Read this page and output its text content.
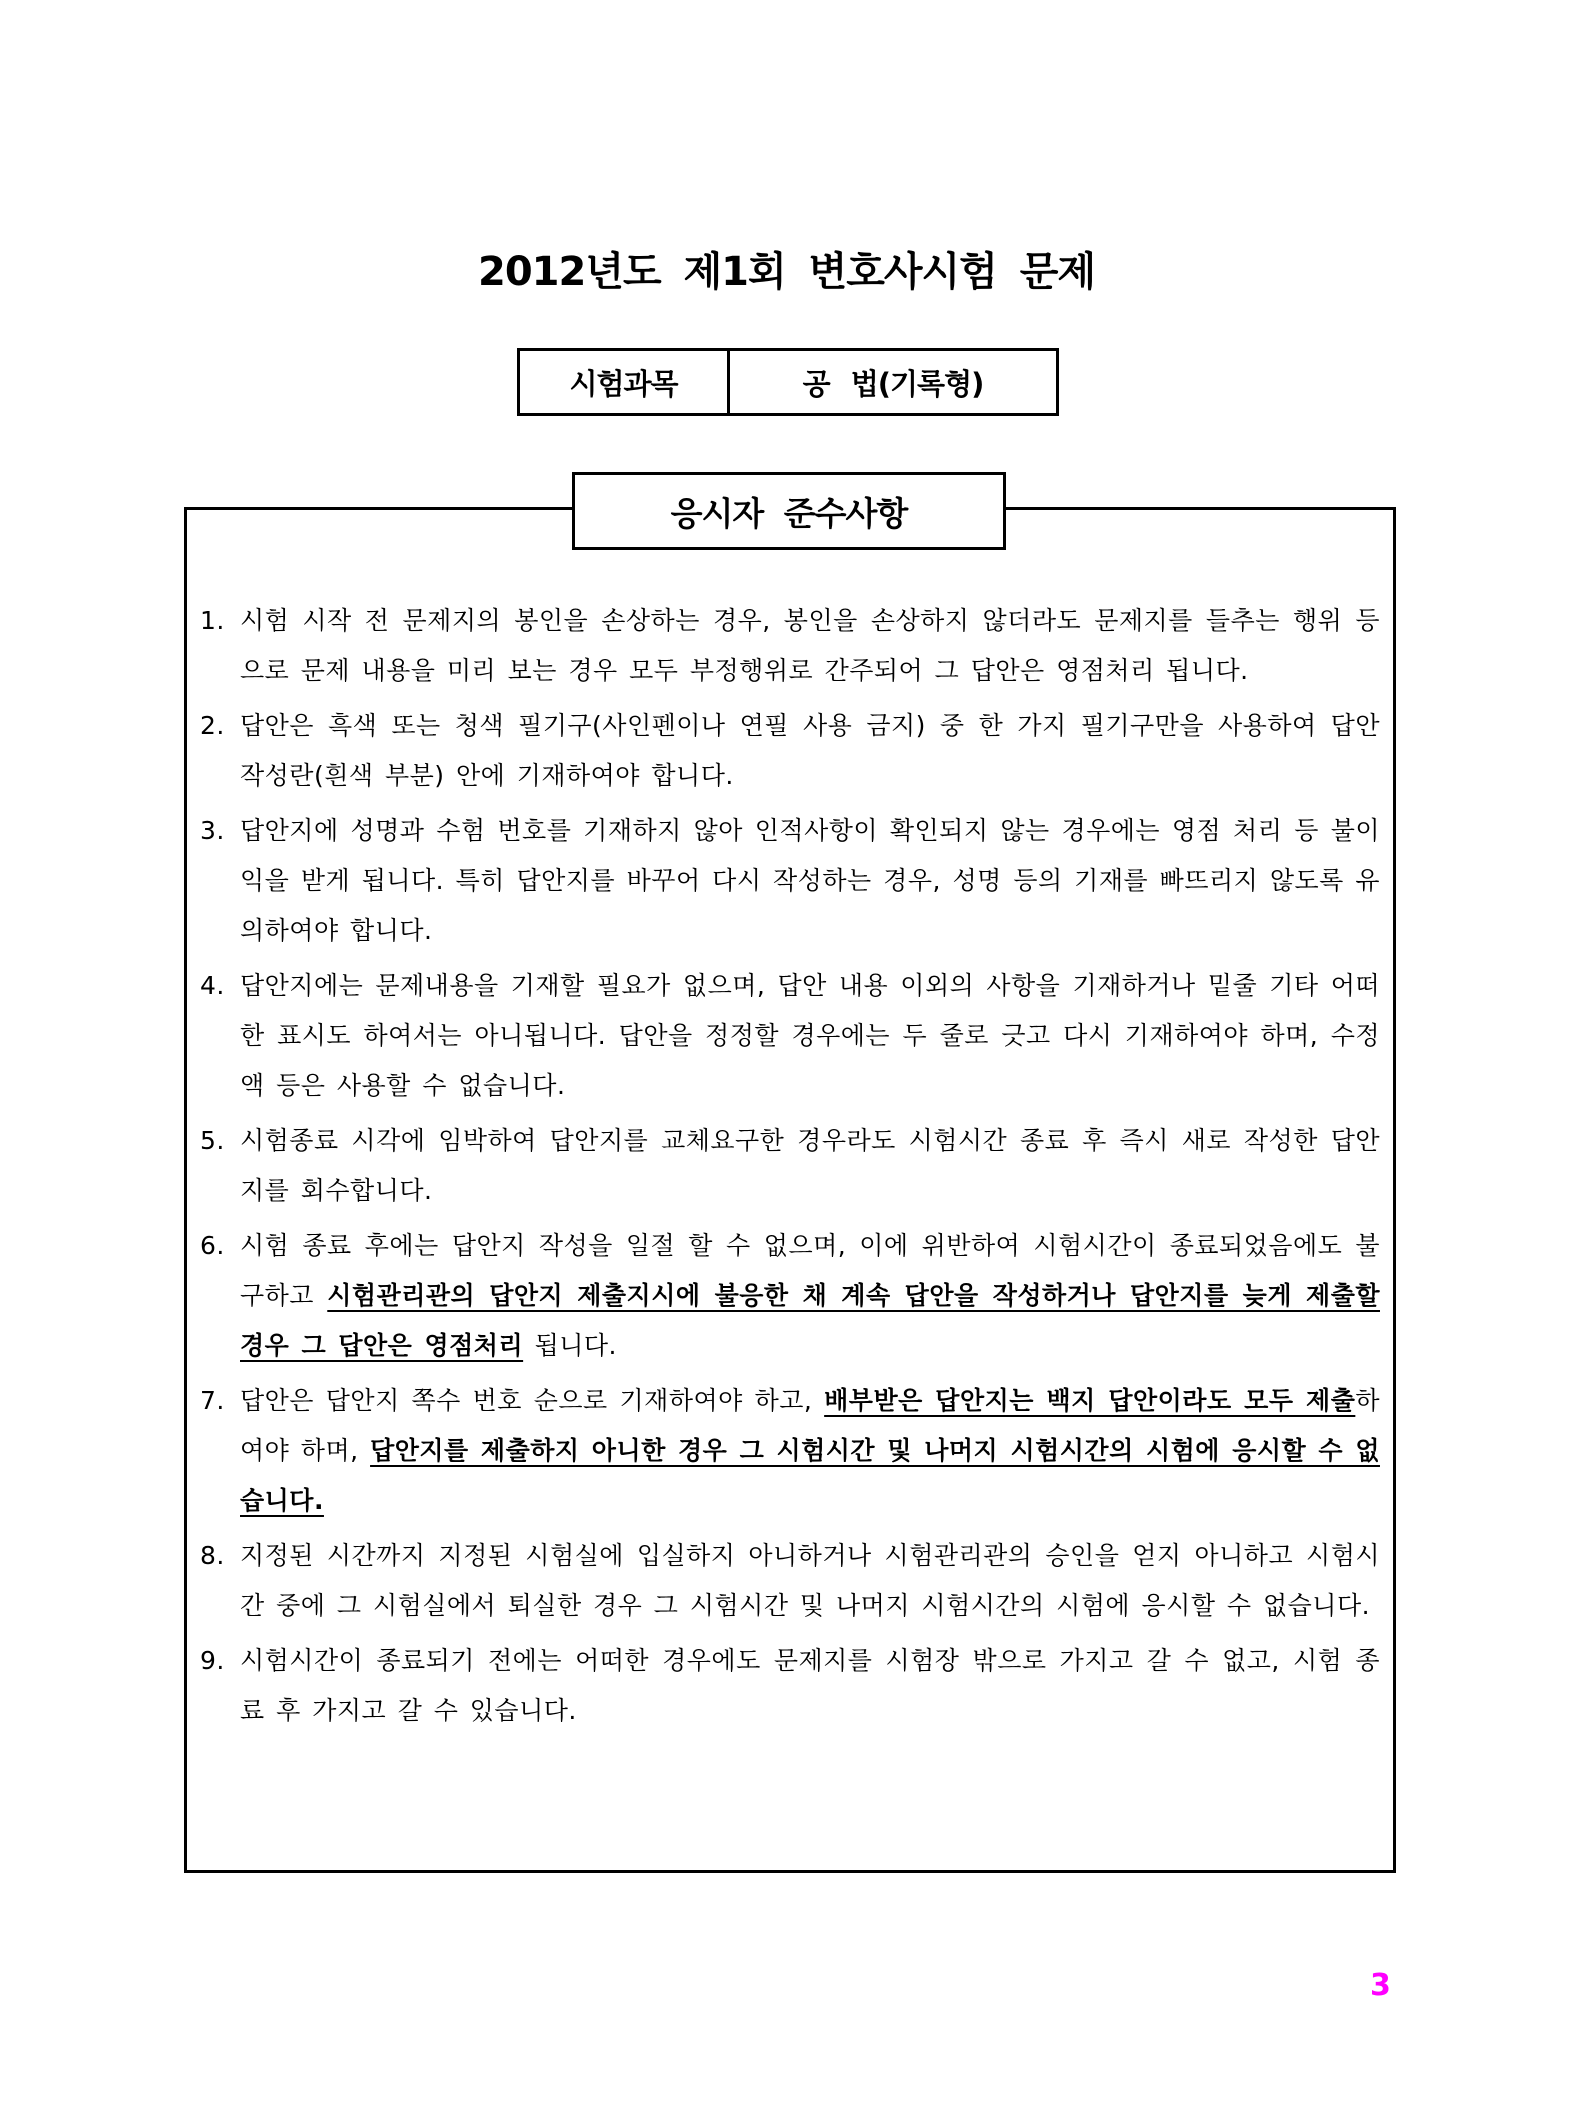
2012년도 제1회 변호사시험 문제
시험과목	공 법(기록형)
응시자 준수사항
1. 시험 시작 전 문제지의 봉인을 손상하는 경우, 봉인을 손상하지 않더라도 문제지를 들추는 행위 등으로 문제 내용을 미리 보는 경우 모두 부정행위로 간주되어 그 답안은 영점처리 됩니다.
2. 답안은 흑색 또는 청색 필기구(사인펜이나 연필 사용 금지) 중 한 가지 필기구만을 사용하여 답안 작성란(흰색 부분) 안에 기재하여야 합니다.
3. 답안지에 성명과 수험 번호를 기재하지 않아 인적사항이 확인되지 않는 경우에는 영점 처리 등 불이익을 받게 됩니다. 특히 답안지를 바꾸어 다시 작성하는 경우, 성명 등의 기재를 빠뜨리지 않도록 유의하여야 합니다.
4. 답안지에는 문제내용을 기재할 필요가 없으며, 답안 내용 이외의 사항을 기재하거나 밑줄 기타 어떠한 표시도 하여서는 아니됩니다. 답안을 정정할 경우에는 두 줄로 긋고 다시 기재하여야 하며, 수정액 등은 사용할 수 없습니다.
5. 시험종료 시각에 임박하여 답안지를 교체요구한 경우라도 시험시간 종료 후 즉시 새로 작성한 답안지를 회수합니다.
6. 시험 종료 후에는 답안지 작성을 일절 할 수 없으며, 이에 위반하여 시험시간이 종료되었음에도 불구하고 시험관리관의 답안지 제출지시에 불응한 채 계속 답안을 작성하거나 답안지를 늦게 제출할 경우 그 답안은 영점처리 됩니다.
7. 답안은 답안지 쪽수 번호 순으로 기재하여야 하고, 배부받은 답안지는 백지 답안이라도 모두 제출하여야 하며, 답안지를 제출하지 아니한 경우 그 시험시간 및 나머지 시험시간의 시험에 응시할 수 없습니다.
8. 지정된 시간까지 지정된 시험실에 입실하지 아니하거나 시험관리관의 승인을 얻지 아니하고 시험시간 중에 그 시험실에서 퇴실한 경우 그 시험시간 및 나머지 시험시간의 시험에 응시할 수 없습니다.
9. 시험시간이 종료되기 전에는 어떠한 경우에도 문제지를 시험장 밖으로 가지고 갈 수 없고, 시험 종료 후 가지고 갈 수 있습니다.
3
